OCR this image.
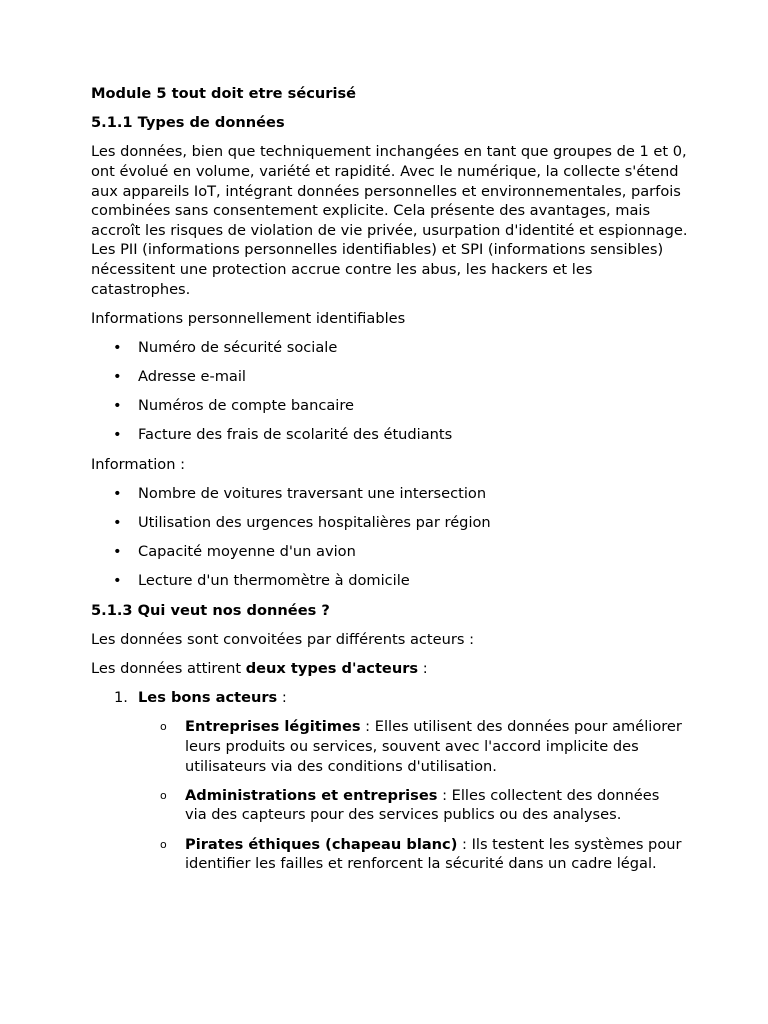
Module 5 tout doit etre sécurisé

5.1.1 Types de données

Les données, bien que techniquement inchangées en tant que groupes de 1 et 0, ont évolué en volume, variété et rapidité. Avec le numérique, la collecte s'étend aux appareils IoT, intégrant données personnelles et environnementales, parfois combinées sans consentement explicite. Cela présente des avantages, mais accroît les risques de violation de vie privée, usurpation d'identité et espionnage. Les PII (informations personnelles identifiables) et SPI (informations sensibles) nécessitent une protection accrue contre les abus, les hackers et les catastrophes.

Informations personnellement identifiables

• Numéro de sécurité sociale
• Adresse e-mail
• Numéros de compte bancaire
• Facture des frais de scolarité des étudiants

Information :

• Nombre de voitures traversant une intersection
• Utilisation des urgences hospitalières par région
• Capacité moyenne d'un avion
• Lecture d'un thermomètre à domicile
5.1.3 Qui veut nos données ?

Les données sont convoitées par différents acteurs :

Les données attirent deux types d'acteurs :

1. Les bons acteurs :
o Entreprises légitimes : Elles utilisent des données pour améliorer leurs produits ou services, souvent avec l'accord implicite des utilisateurs via des conditions d'utilisation.
o Administrations et entreprises : Elles collectent des données via des capteurs pour des services publics ou des analyses.
o Pirates éthiques (chapeau blanc) : Ils testent les systèmes pour identifier les failles et renforcent la sécurité dans un cadre légal.
